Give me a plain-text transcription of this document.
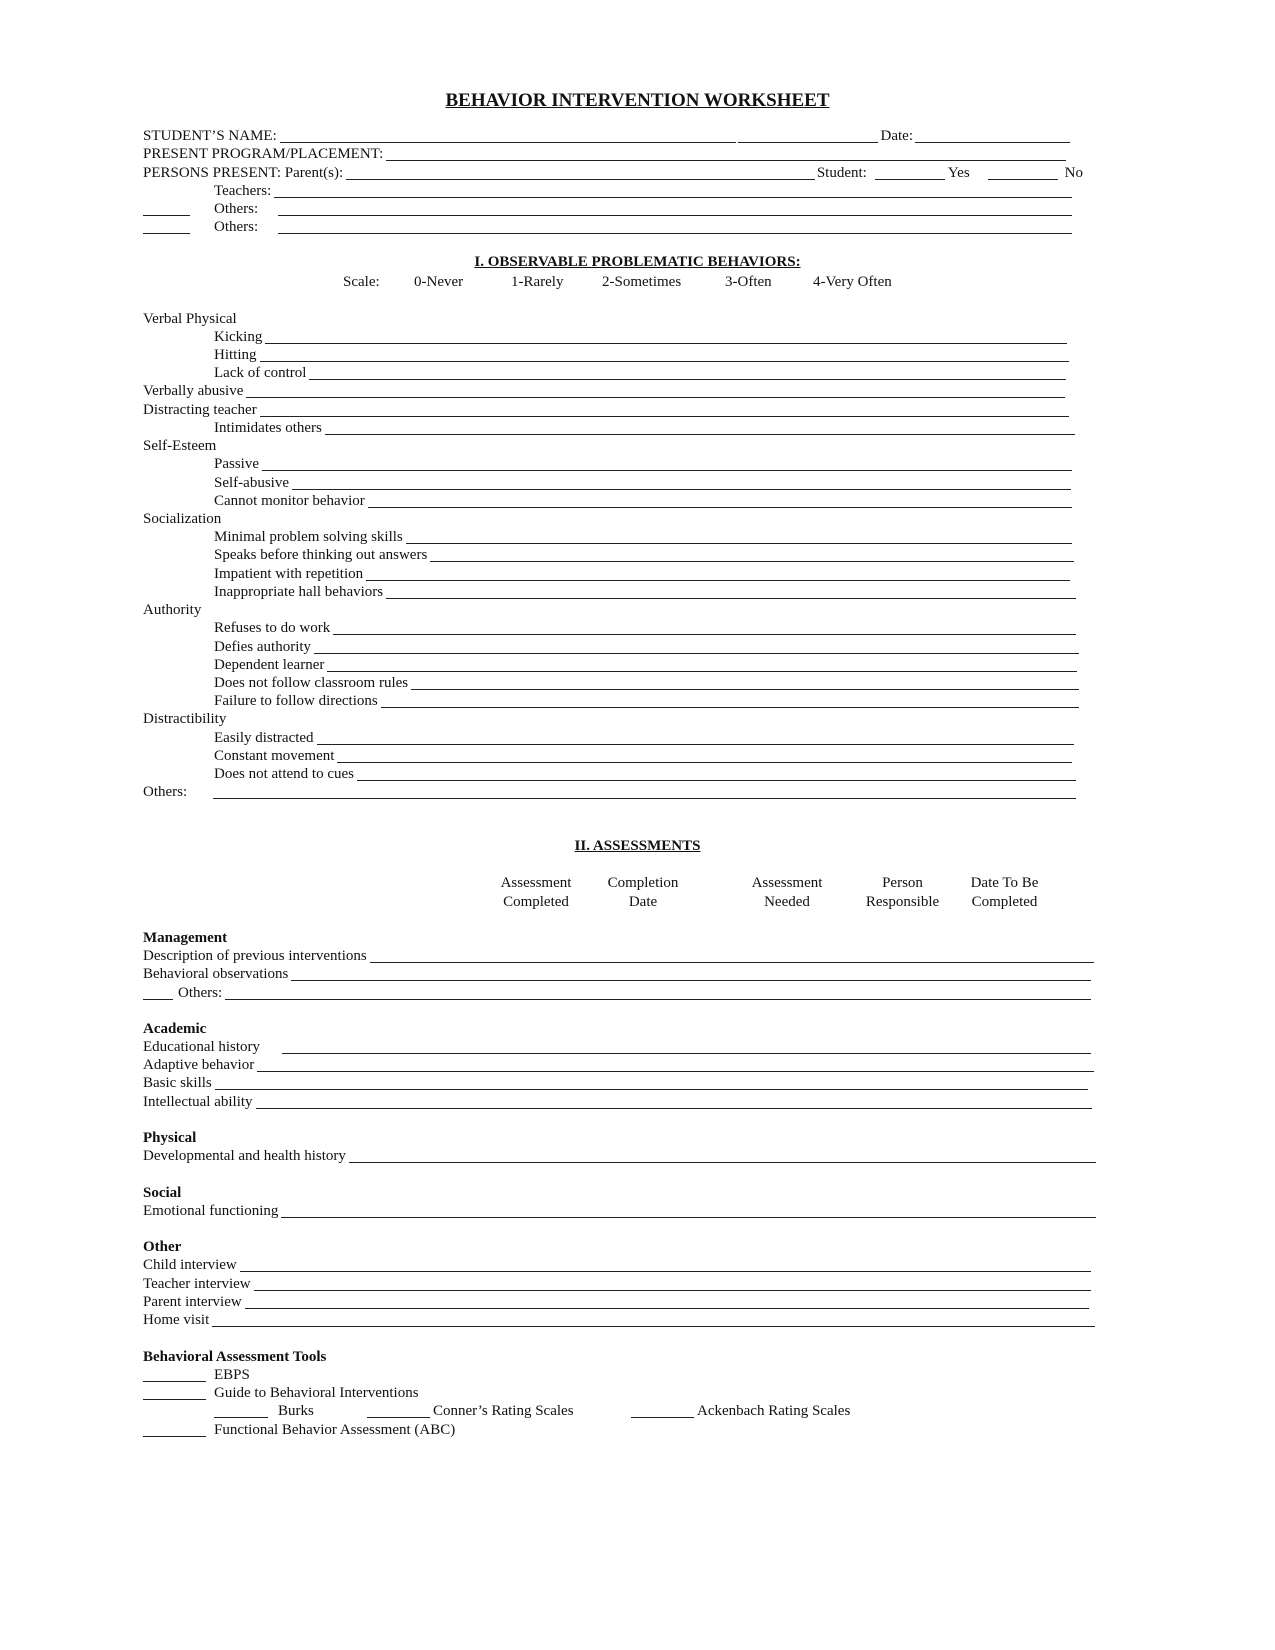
BEHAVIOR INTERVENTION WORKSHEET
STUDENT’S NAME:	Date:
PRESENT PROGRAM/PLACEMENT:
PERSONS PRESENT: Parent(s):	Student:	Yes	No
Teachers:
Others:
Others:
I. OBSERVABLE PROBLEMATIC BEHAVIORS:
Scale: 0-Never	1-Rarely	2-Sometimes	3-Often	4-Very Often
Verbal Physical
Kicking
Hitting
Lack of control
Verbally abusive
Distracting teacher
Intimidates others
Self-Esteem
Passive
Self-abusive
Cannot monitor behavior
Socialization
Minimal problem solving skills
Speaks before thinking out answers
Impatient with repetition
Inappropriate hall behaviors
Authority
Refuses to do work
Defies authority
Dependent learner
Does not follow classroom rules
Failure to follow directions
Distractibility
Easily distracted
Constant movement
Does not attend to cues
Others:
II. ASSESSMENTS
Assessment
Completed
Completion
Date
Assessment
Needed
Person
Responsible
Date To Be
Completed
Management
Description of previous interventions
Behavioral observations
Others:
Academic
Educational history
Adaptive behavior
Basic skills
Intellectual ability
Physical
Developmental and health history
Social
Emotional functioning
Other
Child interview
Teacher interview
Parent interview
Home visit
Behavioral Assessment Tools
EBPS
Guide to Behavioral Interventions
Burks	Conner’s Rating Scales	Ackenbach Rating Scales
Functional Behavior Assessment (ABC)
